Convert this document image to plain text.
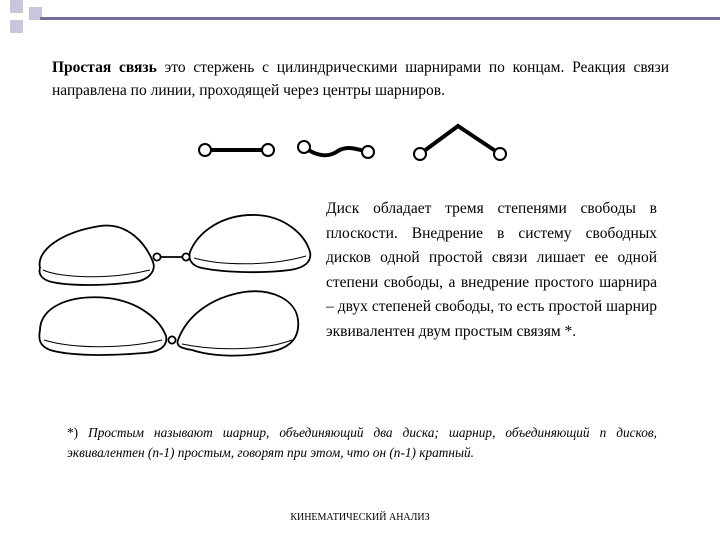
Простая связь это стержень с цилиндрическими шарнирами по концам. Реакция связи направлена по линии, проходящей через центры шарниров.
Диск обладает тремя степенями свободы в плоскости. Внедрение в систему свободных дисков одной простой связи лишает ее одной степени свободы, а внедрение простого шарнира – двух степеней свободы, то есть простой шарнир эквивалентен двум простым связям *.
*) Простым называют шарнир, объединяющий два диска; шарнир, объединяющий n дисков, эквивалентен (n-1) простым, говорят при этом, что он (n-1) кратный.
КИНЕМАТИЧЕСКИЙ АНАЛИЗ
